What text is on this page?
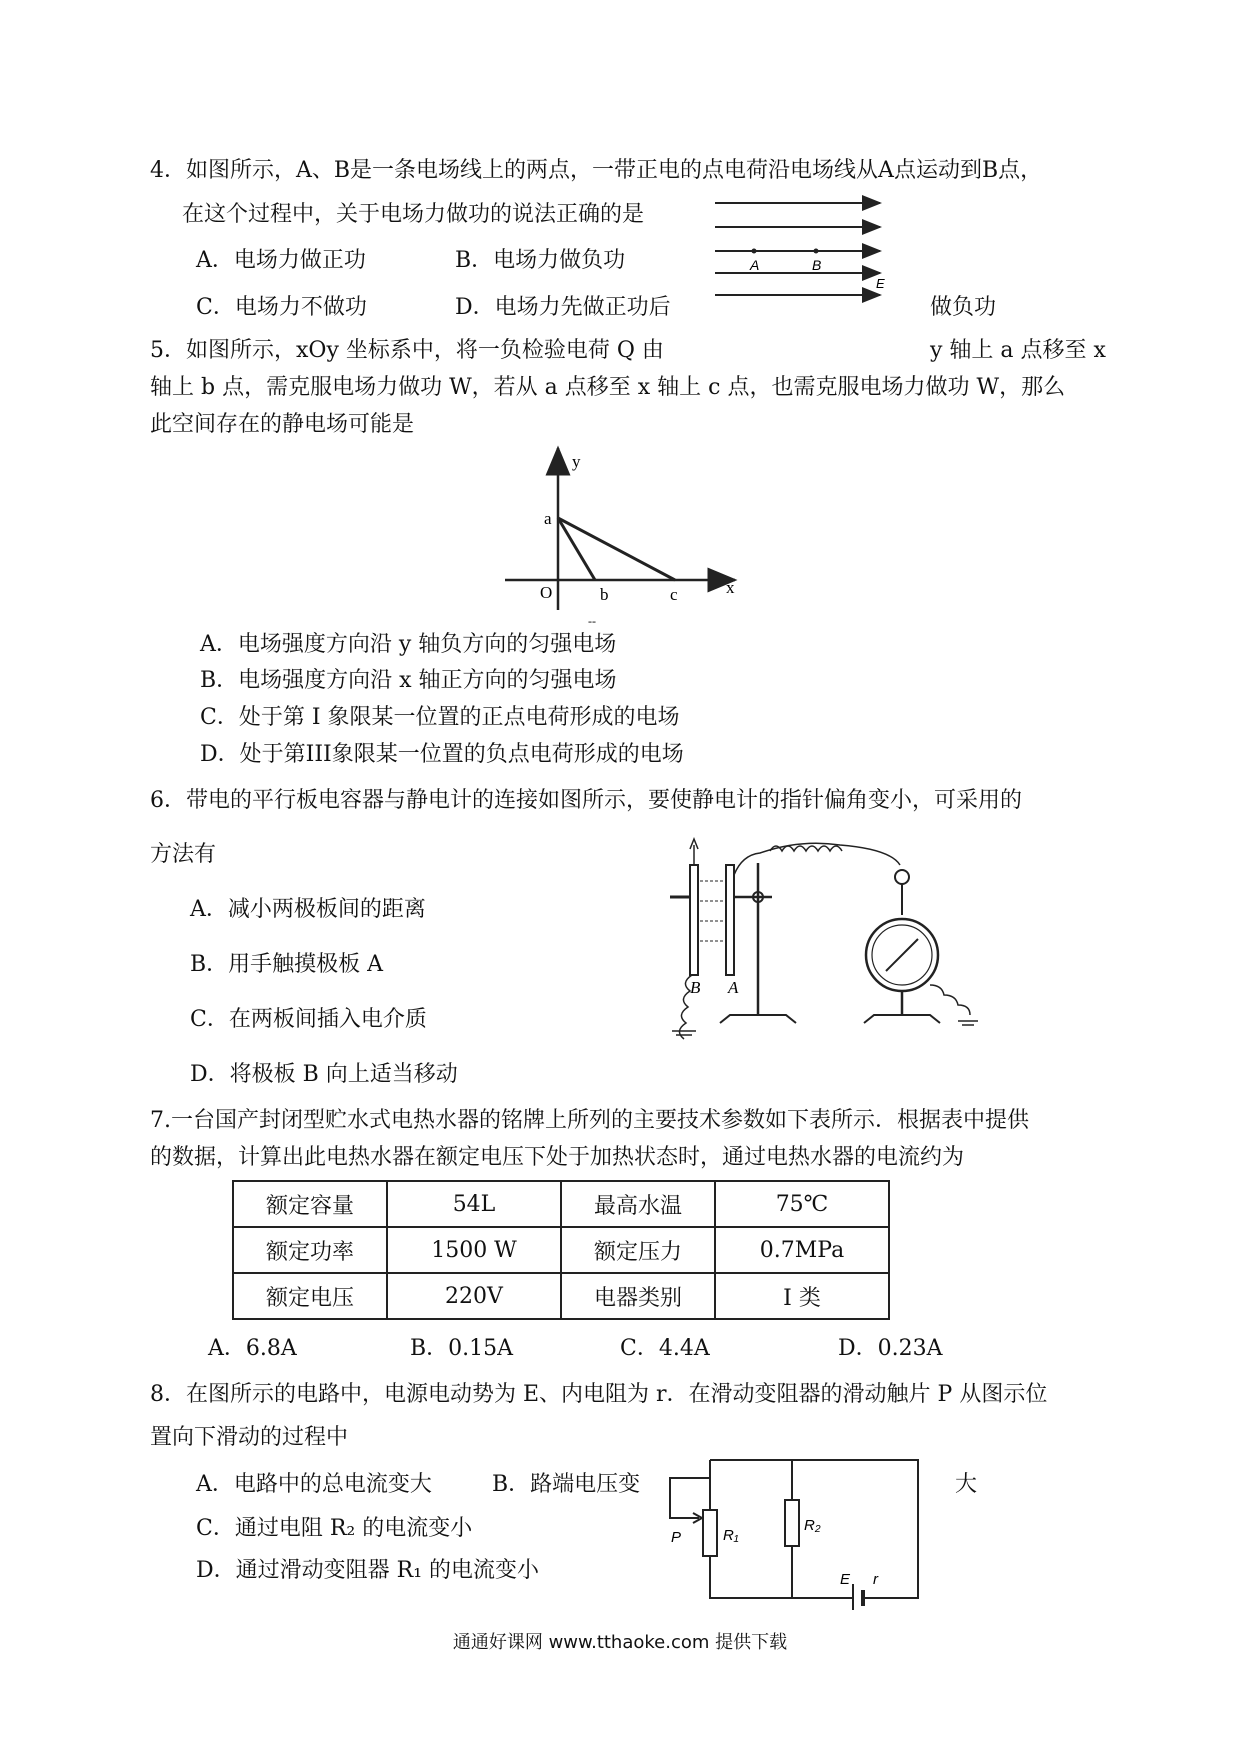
4．如图所示，A、B是一条电场线上的两点，一带正电的点电荷沿电场线从A点运动到B点，
在这个过程中，关于电场力做功的说法正确的是
A．电场力做正功	B．电场力做负功
C．电场力不做功	D．电场力先做正功后	做负功
A	B
E
5．如图所示，xOy 坐标系中，将一负检验电荷 Q 由	y 轴上 a 点移至 x
轴上 b 点，需克服电场力做功 W，若从 a 点移至 x 轴上 c 点，也需克服电场力做功 W，那么
此空间存在的静电场可能是
y
x
O
a
b	c
--
A．电场强度方向沿 y 轴负方向的匀强电场
B．电场强度方向沿 x 轴正方向的匀强电场
C．处于第 I 象限某一位置的正点电荷形成的电场
D．处于第III象限某一位置的负点电荷形成的电场
6．带电的平行板电容器与静电计的连接如图所示，要使静电计的指针偏角变小，可采用的
方法有
A．减小两极板间的距离
B．用手触摸极板 A
C．在两板间插入电介质
D．将极板 B 向上适当移动
B A
7.一台国产封闭型贮水式电热水器的铭牌上所列的主要技术参数如下表所示．根据表中提供
的数据，计算出此电热水器在额定电压下处于加热状态时，通过电热水器的电流约为
额定容量	54L	最高水温	75℃
额定功率	1500 W	额定压力	0.7MPa
额定电压	220V	电器类别	I 类
A．6.8A	B．0.15A	C．4.4A	D．0.23A
8．在图所示的电路中，电源电动势为 E、内电阻为 r．在滑动变阻器的滑动触片 P 从图示位
置向下滑动的过程中
A．电路中的总电流变大	B．路端电压变	大
C．通过电阻 R₂ 的电流变小
D．通过滑动变阻器 R₁ 的电流变小
R₁
R₂
P
E r
通通好课网 www.tthaoke.com 提供下载
